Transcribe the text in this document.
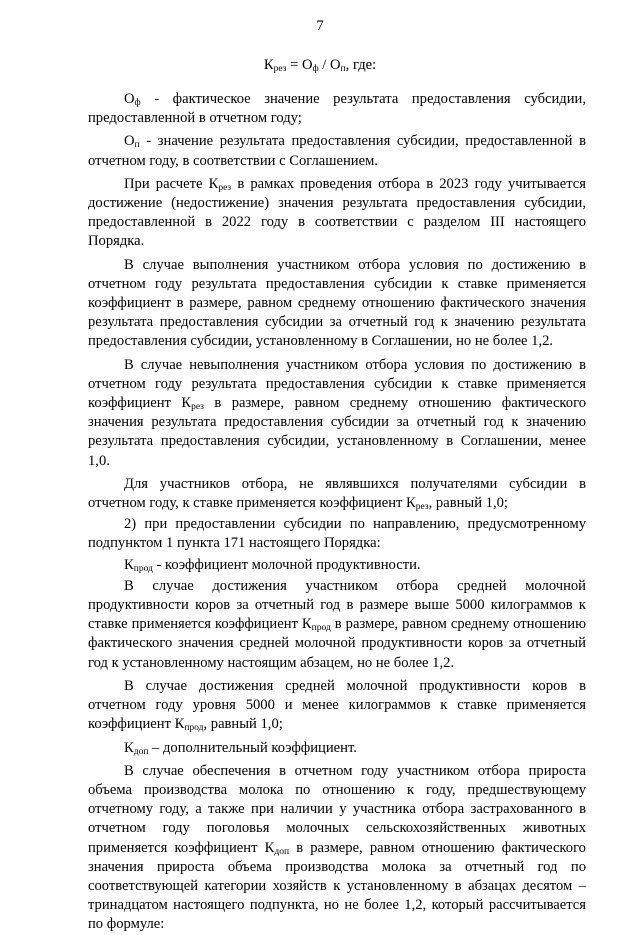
7
$К_{рез} = О_ф / О_п$, где:

$О_ф$ - фактическое значение результата предоставления субсидии, предоставленной в отчетном году;

$О_п$ - значение результата предоставления субсидии, предоставленной в отчетном году, в соответствии с Соглашением.

При расчете $К_{рез}$ в рамках проведения отбора в 2023 году учитывается достижение (недостижение) значения результата предоставления субсидии, предоставленной в 2022 году в соответствии с разделом III настоящего Порядка.

В случае выполнения участником отбора условия по достижению в отчетном году результата предоставления субсидии к ставке применяется коэффициент в размере, равном среднему отношению фактического значения результата предоставления субсидии за отчетный год к значению результата предоставления субсидии, установленному в Соглашении, но не более 1,2.

В случае невыполнения участником отбора условия по достижению в отчетном году результата предоставления субсидии к ставке применяется коэффициент $К_{рез}$ в размере, равном среднему отношению фактического значения результата предоставления субсидии за отчетный год к значению результата предоставления субсидии, установленному в Соглашении, менее 1,0.

Для участников отбора, не являвшихся получателями субсидии в отчетном году, к ставке применяется коэффициент $К_{рез}$, равный 1,0;

2) при предоставлении субсидии по направлению, предусмотренному подпунктом 1 пункта 171 настоящего Порядка:

$К_{прод}$ - коэффициент молочной продуктивности.

В случае достижения участником отбора средней молочной продуктивности коров за отчетный год в размере выше 5000 килограммов к ставке применяется коэффициент $К_{прод}$ в размере, равном среднему отношению фактического значения средней молочной продуктивности коров за отчетный год к установленному настоящим абзацем, но не более 1,2.

В случае достижения средней молочной продуктивности коров в отчетном году уровня 5000 и менее килограммов к ставке применяется коэффициент $К_{прод}$, равный 1,0;

$К_{доп}$ – дополнительный коэффициент.

В случае обеспечения в отчетном году участником отбора прироста объема производства молока по отношению к году, предшествующему отчетному году, а также при наличии у участника отбора застрахованного в отчетном году поголовья молочных сельскохозяйственных животных применяется коэффициент $К_{доп}$ в размере, равном отношению фактического значения прироста объема производства молока за отчетный год по соответствующей категории хозяйств к установленному в абзацах десятом – тринадцатом настоящего подпункта, но не более 1,2, который рассчитывается по формуле:
